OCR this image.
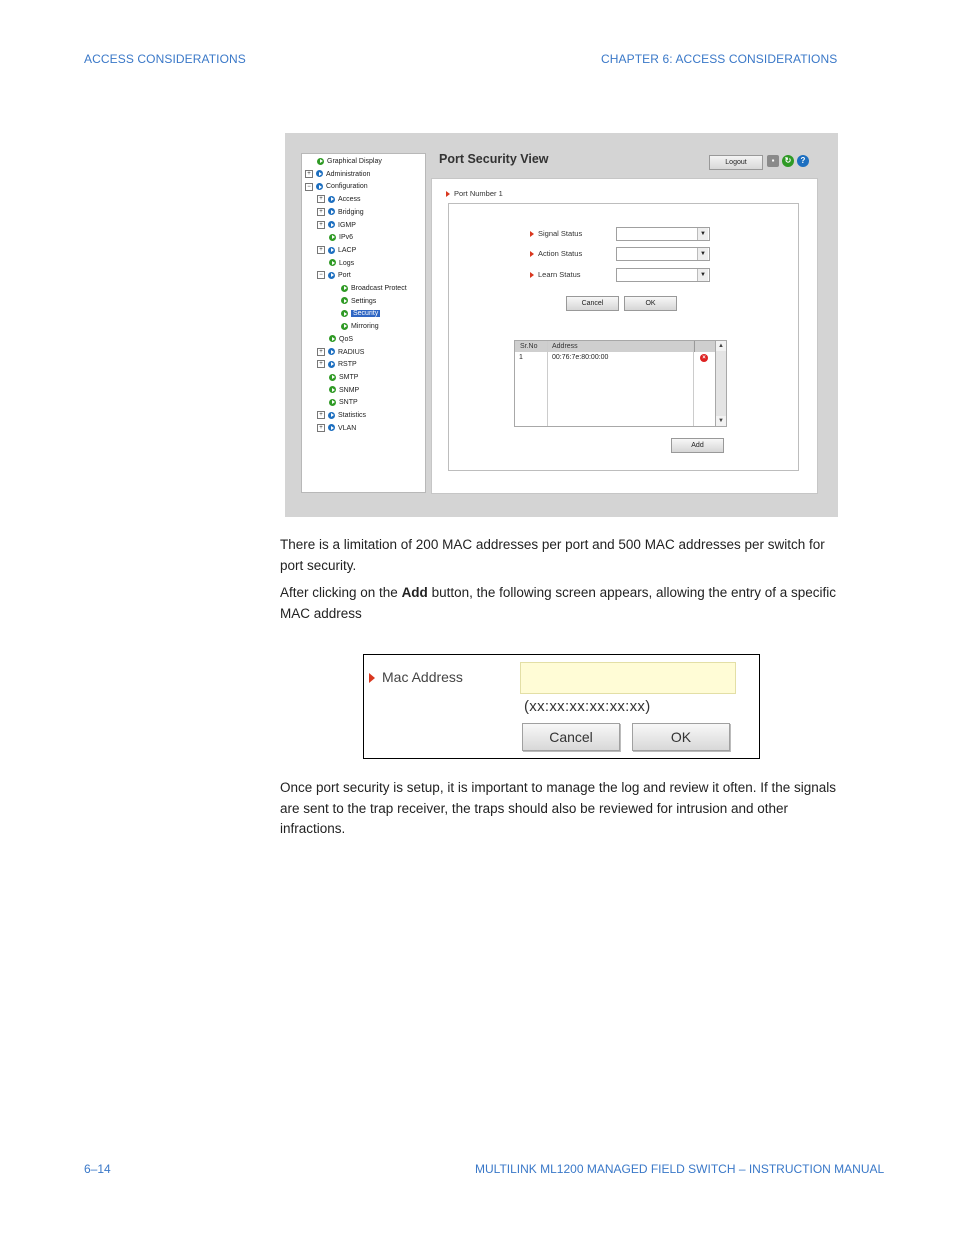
ACCESS CONSIDERATIONS	CHAPTER 6: ACCESS CONSIDERATIONS
Graphical Display
+ Administration
− Configuration
+ Access
+ Bridging
+ IGMP
IPv6
+ LACP
Logs
− Port
Broadcast Protect
Settings
Security
Mirroring
QoS
+ RADIUS
+ RSTP
SMTP
SNMP
SNTP
+ Statistics
+ VLAN
Port Security View	Logout	▪	↻	?
Port Number 1
Signal Status
▼
Action Status
▼
Learn Status
▼
Cancel	OK
Sr.No	Address
1	00:76:7e:80:00:00	×
▲
▼
Add
There is a limitation of 200 MAC addresses per port and 500 MAC addresses per switch for port security.
After clicking on the Add button, the following screen appears, allowing the entry of a specific MAC address
Mac Address
(xx:xx:xx:xx:xx:xx)
Cancel	OK
Once port security is setup, it is important to manage the log and review it often. If the signals are sent to the trap receiver, the traps should also be reviewed for intrusion and other infractions.
6–14	MULTILINK ML1200 MANAGED FIELD SWITCH – INSTRUCTION MANUAL
